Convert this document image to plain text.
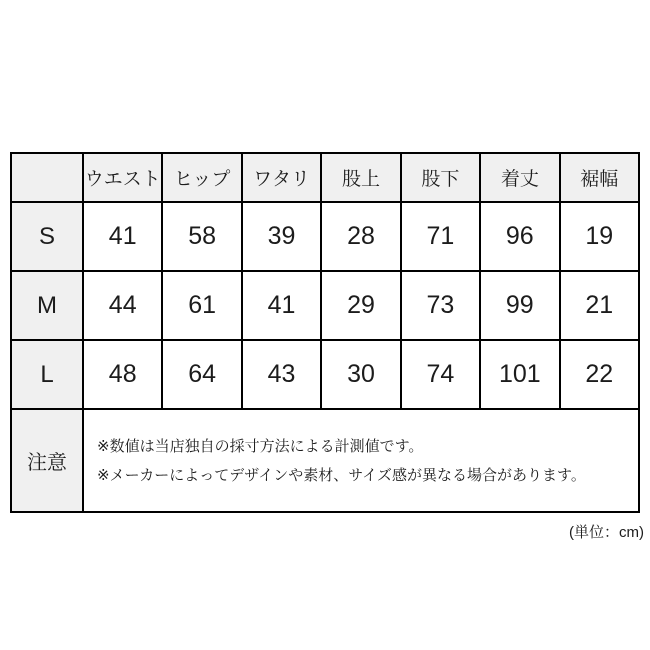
	ウエスト	ヒップ	ワタリ	股上	股下	着丈	裾幅
S	41	58	39	28	71	96	19
M	44	61	41	29	73	99	21
L	48	64	43	30	74	101	22
注意	※数値は当店独自の採寸方法による計測値です。
※メーカーによってデザインや素材、サイズ感が異なる場合があります。						
(単位：cm)
